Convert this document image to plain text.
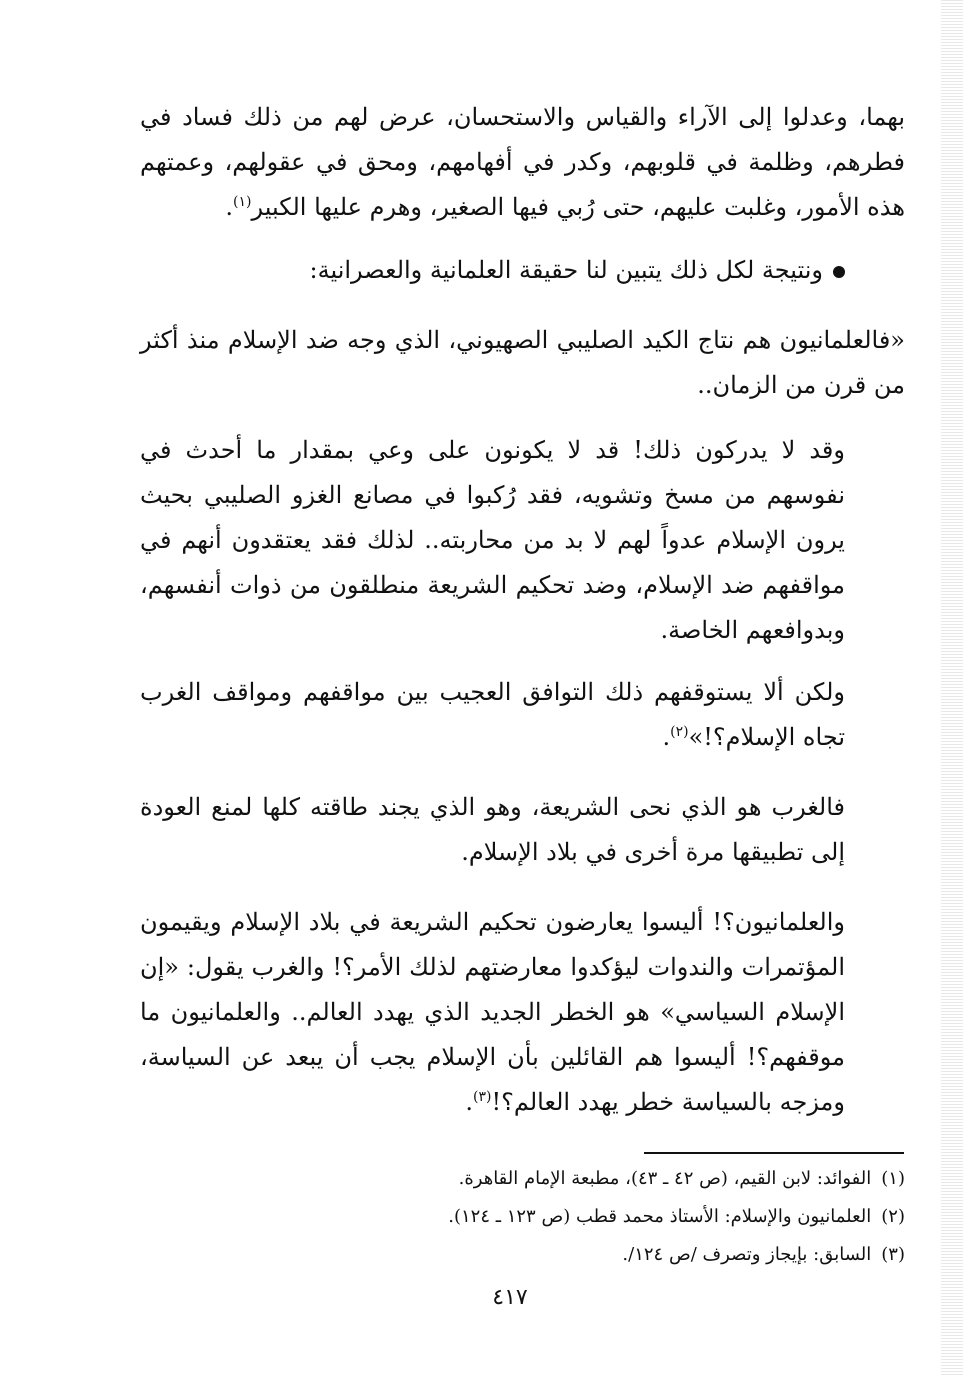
بهما، وعدلوا إلى الآراء والقياس والاستحسان، عرض لهم من ذلك فساد في فطرهم، وظلمة في قلوبهم، وكدر في أفهامهم، ومحق في عقولهم، وعمتهم هذه الأمور، وغلبت عليهم، حتى رُبي فيها الصغير، وهرم عليها الكبير$^{(١)}$.

ونتيجة لكل ذلك يتبين لنا حقيقة العلمانية والعصرانية:

«فالعلمانيون هم نتاج الكيد الصليبي الصهيوني، الذي وجه ضد الإسلام منذ أكثر من قرن من الزمان..

وقد لا يدركون ذلك! قد لا يكونون على وعي بمقدار ما أحدث في نفوسهم من مسخ وتشويه، فقد رُكبوا في مصانع الغزو الصليبي بحيث يرون الإسلام عدواً لهم لا بد من محاربته.. لذلك فقد يعتقدون أنهم في مواقفهم ضد الإسلام، وضد تحكيم الشريعة منطلقون من ذوات أنفسهم، وبدوافعهم الخاصة.

ولكن ألا يستوقفهم ذلك التوافق العجيب بين مواقفهم ومواقف الغرب تجاه الإسلام؟!»$^{(٢)}$.

فالغرب هو الذي نحى الشريعة، وهو الذي يجند طاقته كلها لمنع العودة إلى تطبيقها مرة أخرى في بلاد الإسلام.

والعلمانيون؟! أليسوا يعارضون تحكيم الشريعة في بلاد الإسلام ويقيمون المؤتمرات والندوات ليؤكدوا معارضتهم لذلك الأمر؟! والغرب يقول: «إن الإسلام السياسي» هو الخطر الجديد الذي يهدد العالم.. والعلمانيون ما موقفهم؟! أليسوا هم القائلين بأن الإسلام يجب أن يبعد عن السياسة، ومزجه بالسياسة خطر يهدد العالم؟!$^{(٣)}$.

(١)الفوائد: لابن القيم، (ص ٤٢ ـ ٤٣)، مطبعة الإمام القاهرة.
(٢)العلمانيون والإسلام: الأستاذ محمد قطب (ص ١٢٣ ـ ١٢٤).
(٣)السابق: بإيجاز وتصرف /ص ١٢٤/.
٤١٧
